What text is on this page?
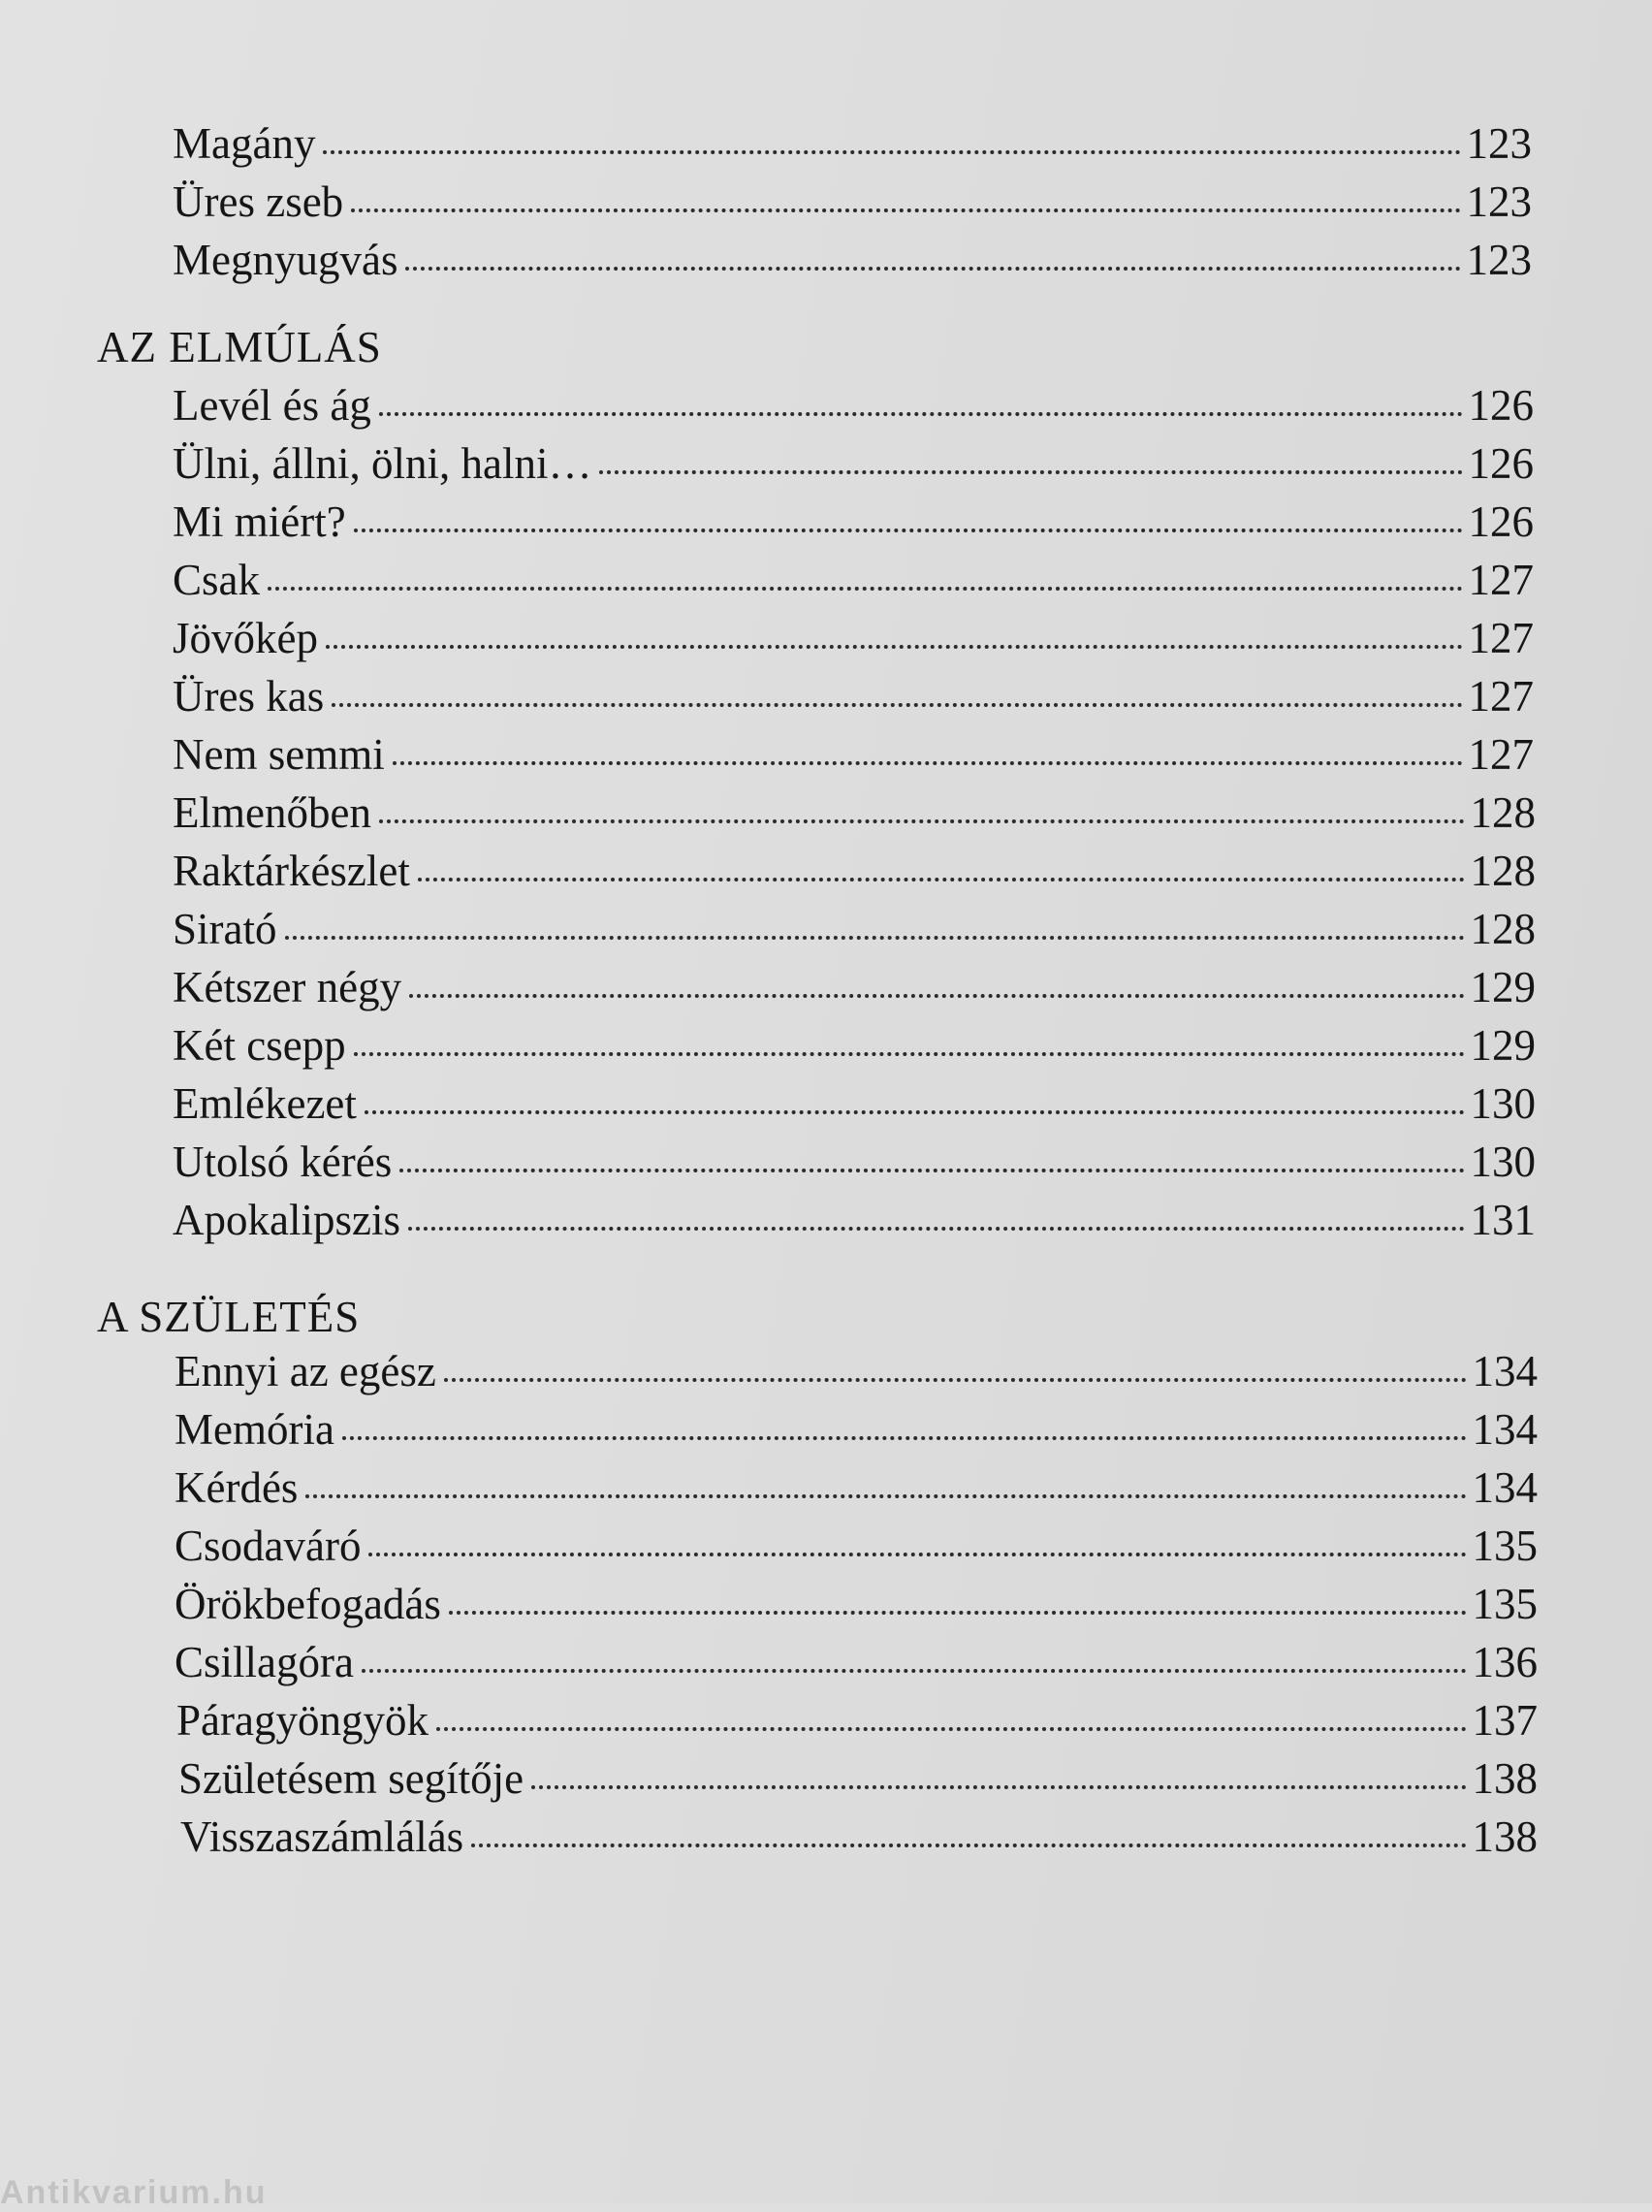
Magány	123
Üres zseb	123
Megnyugvás	123
AZ ELMÚLÁS
Levél és ág	126
Ülni, állni, ölni, halni…	126
Mi miért?	126
Csak	127
Jövőkép	127
Üres kas	127
Nem semmi	127
Elmenőben	128
Raktárkészlet	128
Sirató	128
Kétszer négy	129
Két csepp	129
Emlékezet	130
Utolsó kérés	130
Apokalipszis	131
A SZÜLETÉS
Ennyi az egész	134
Memória	134
Kérdés	134
Csodaváró	135
Örökbefogadás	135
Csillagóra	136
Páragyöngyök	137
Születésem segítője	138
Visszaszámlálás	138
Antikvarium.hu
